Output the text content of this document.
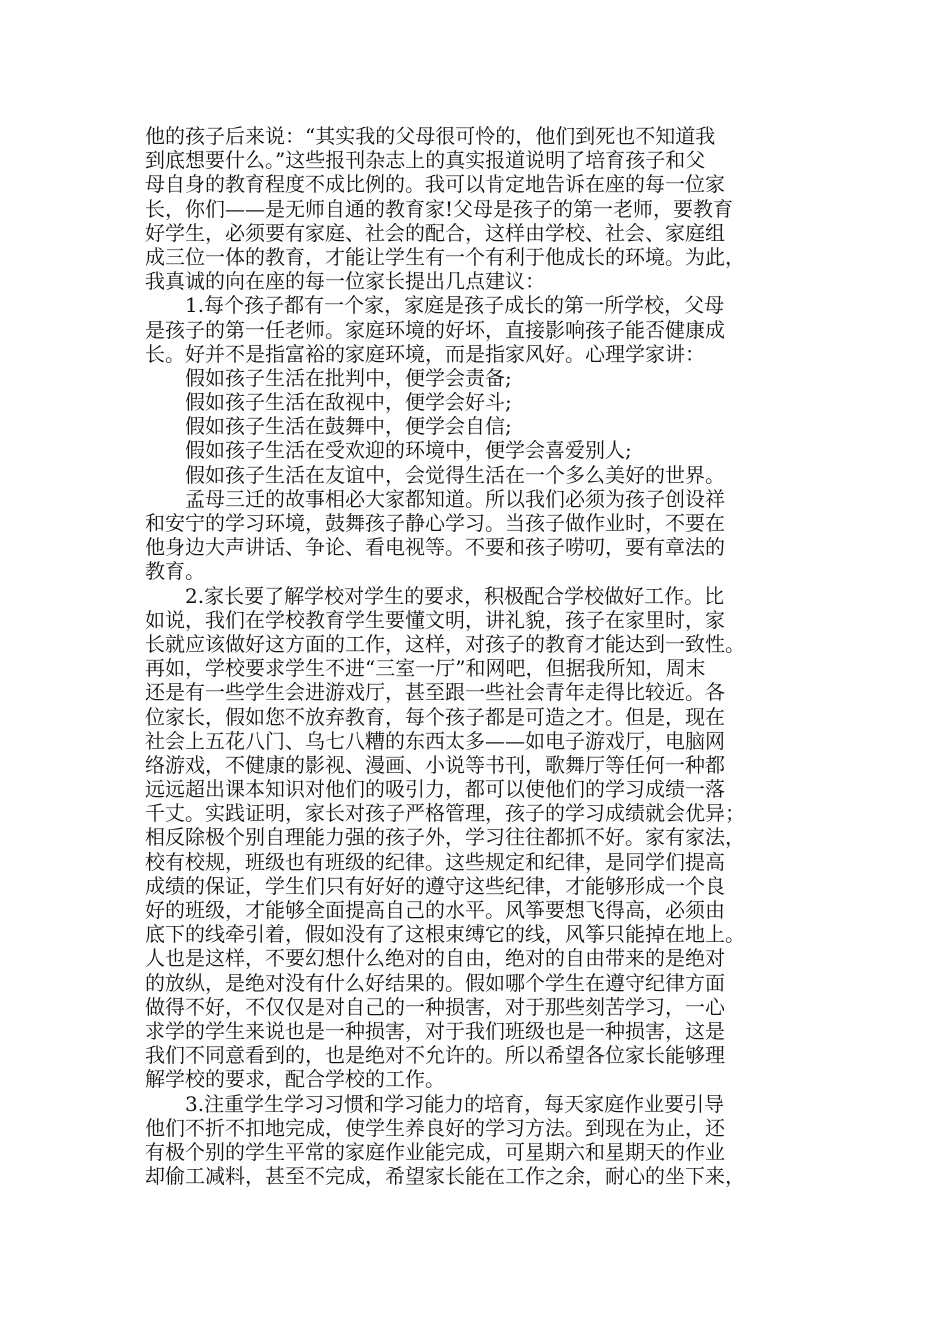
他的孩子后来说：“其实我的父母很可怜的，他们到死也不知道我
到底想要什么。”这些报刊杂志上的真实报道说明了培育孩子和父
母自身的教育程度不成比例的。我可以肯定地告诉在座的每一位家
长，你们——是无师自通的教育家!父母是孩子的第一老师，要教育
好学生，必须要有家庭、社会的配合，这样由学校、社会、家庭组
成三位一体的教育，才能让学生有一个有利于他成长的环境。为此，
我真诚的向在座的每一位家长提出几点建议：
1.每个孩子都有一个家，家庭是孩子成长的第一所学校，父母
是孩子的第一任老师。家庭环境的好坏，直接影响孩子能否健康成
长。好并不是指富裕的家庭环境，而是指家风好。心理学家讲：
假如孩子生活在批判中，便学会责备;
假如孩子生活在敌视中，便学会好斗;
假如孩子生活在鼓舞中，便学会自信;
假如孩子生活在受欢迎的环境中，便学会喜爱别人;
假如孩子生活在友谊中，会觉得生活在一个多么美好的世界。
孟母三迁的故事相必大家都知道。所以我们必须为孩子创设祥
和安宁的学习环境，鼓舞孩子静心学习。当孩子做作业时，不要在
他身边大声讲话、争论、看电视等。不要和孩子唠叨，要有章法的
教育。
2.家长要了解学校对学生的要求，积极配合学校做好工作。比
如说，我们在学校教育学生要懂文明，讲礼貌，孩子在家里时，家
长就应该做好这方面的工作，这样，对孩子的教育才能达到一致性。
再如，学校要求学生不进“三室一厅”和网吧，但据我所知，周末
还是有一些学生会进游戏厅，甚至跟一些社会青年走得比较近。各
位家长，假如您不放弃教育，每个孩子都是可造之才。但是，现在
社会上五花八门、乌七八糟的东西太多——如电子游戏厅，电脑网
络游戏，不健康的影视、漫画、小说等书刊，歌舞厅等任何一种都
远远超出课本知识对他们的吸引力，都可以使他们的学习成绩一落
千丈。实践证明，家长对孩子严格管理，孩子的学习成绩就会优异；
相反除极个别自理能力强的孩子外，学习往往都抓不好。家有家法，
校有校规，班级也有班级的纪律。这些规定和纪律，是同学们提高
成绩的保证，学生们只有好好的遵守这些纪律，才能够形成一个良
好的班级，才能够全面提高自己的水平。风筝要想飞得高，必须由
底下的线牵引着，假如没有了这根束缚它的线，风筝只能掉在地上。
人也是这样，不要幻想什么绝对的自由，绝对的自由带来的是绝对
的放纵，是绝对没有什么好结果的。假如哪个学生在遵守纪律方面
做得不好，不仅仅是对自己的一种损害，对于那些刻苦学习，一心
求学的学生来说也是一种损害，对于我们班级也是一种损害，这是
我们不同意看到的，也是绝对不允许的。所以希望各位家长能够理
解学校的要求，配合学校的工作。
3.注重学生学习习惯和学习能力的培育，每天家庭作业要引导
他们不折不扣地完成，使学生养良好的学习方法。到现在为止，还
有极个别的学生平常的家庭作业能完成，可星期六和星期天的作业
却偷工减料，甚至不完成，希望家长能在工作之余，耐心的坐下来，
